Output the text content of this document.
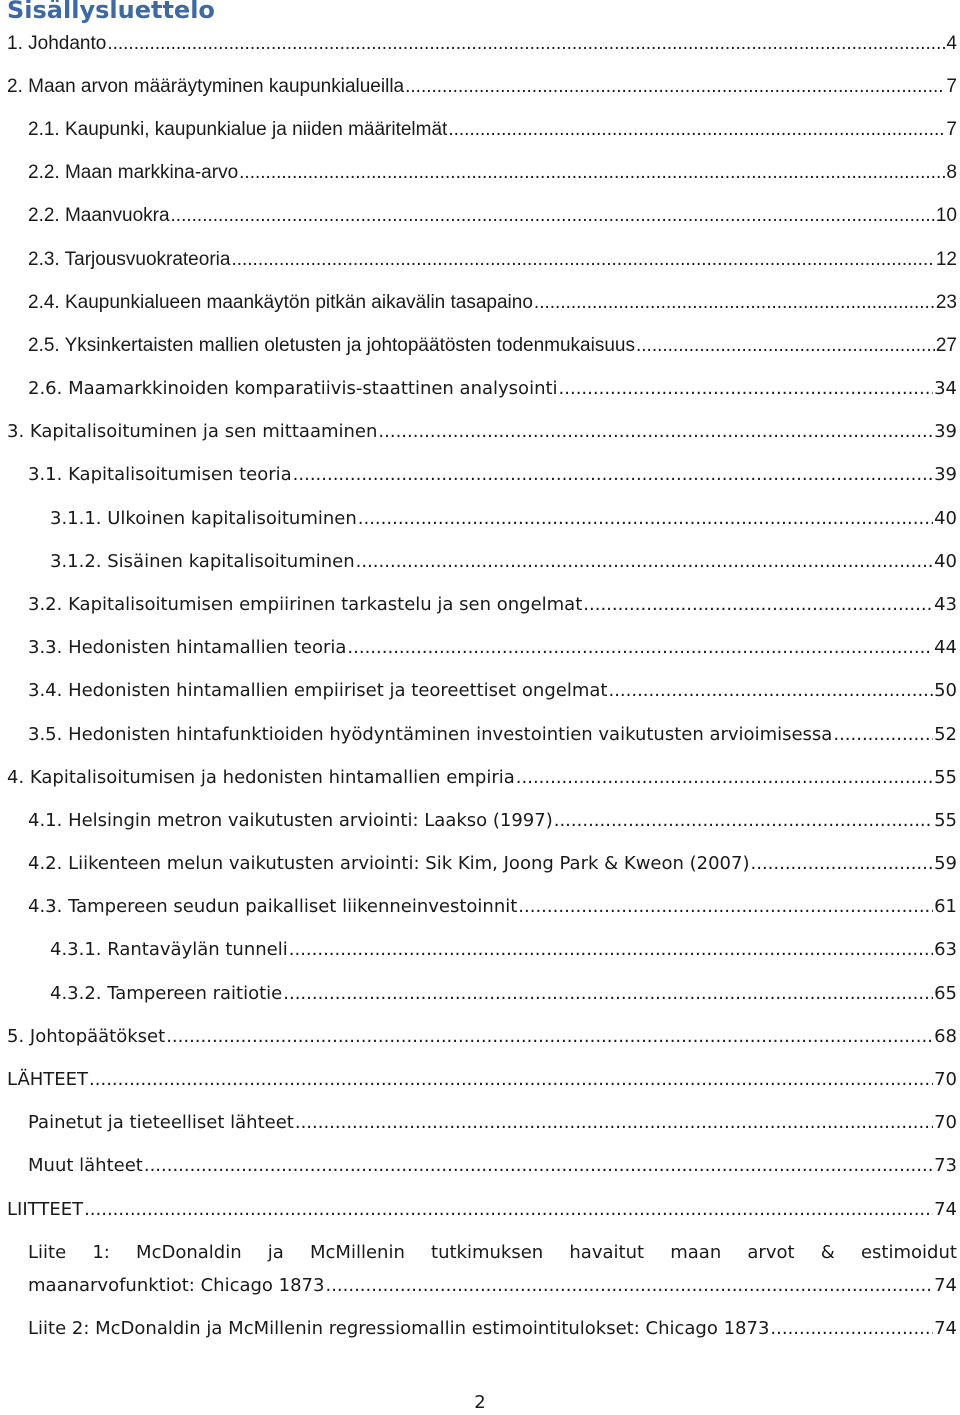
Sisällysluettelo
1. Johdanto .....	4
2. Maan arvon määräytyminen kaupunkialueilla .....	7
2.1. Kaupunki, kaupunkialue ja niiden määritelmät .....	7
2.2. Maan markkina-arvo .....	8
2.2. Maanvuokra .....	10
2.3. Tarjousvuokrateoria .....	12
2.4. Kaupunkialueen maankäytön pitkän aikavälin tasapaino .....	23
2.5. Yksinkertaisten mallien oletusten ja johtopäätösten todenmukaisuus .....	27
2.6. Maamarkkinoiden komparatiivis-staattinen analysointi .....	34
3. Kapitalisoituminen ja sen mittaaminen .....	39
3.1. Kapitalisoitumisen teoria .....	39
3.1.1. Ulkoinen kapitalisoituminen .....	40
3.1.2. Sisäinen kapitalisoituminen .....	40
3.2. Kapitalisoitumisen empiirinen tarkastelu ja sen ongelmat .....	43
3.3. Hedonisten hintamallien teoria .....	44
3.4. Hedonisten hintamallien empiiriset ja teoreettiset ongelmat .....	50
3.5. Hedonisten hintafunktioiden hyödyntäminen investointien vaikutusten arvioimisessa .....	52
4. Kapitalisoitumisen ja hedonisten hintamallien empiria .....	55
4.1. Helsingin metron vaikutusten arviointi: Laakso (1997) .....	55
4.2. Liikenteen melun vaikutusten arviointi: Sik Kim, Joong Park & Kweon (2007) .....	59
4.3. Tampereen seudun paikalliset liikenneinvestoinnit .....	61
4.3.1. Rantaväylän tunneli .....	63
4.3.2. Tampereen raitiotie .....	65
5. Johtopäätökset .....	68
LÄHTEET .....	70
Painetut ja tieteelliset lähteet .....	70
Muut lähteet .....	73
LIITTEET .....	74
Liite 1: McDonaldin ja McMillenin tutkimuksen havaitut maan arvot & estimoidut
maanarvofunktiot: Chicago 1873 .....	74
Liite 2: McDonaldin ja McMillenin regressiomallin estimointitulokset: Chicago 1873 .....	74
2
